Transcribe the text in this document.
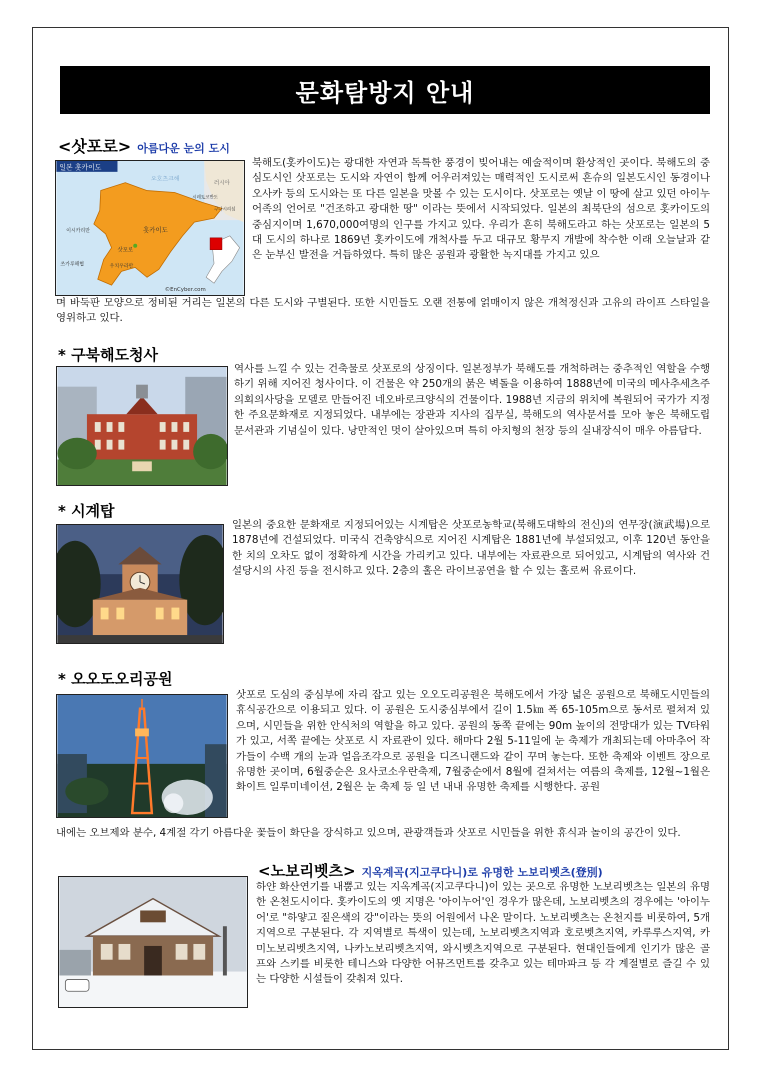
문화탐방지 안내
<삿포로> 아름다운 눈의 도시
일본 홋카이도
홋카이도
삿포로
오호츠크해
러시아
시레토코반도
쿠나시리섬
이시카리만
우치우라만
쓰가루해협
©EnCyber.com
북해도(홋카이도)는 광대한 자연과 독특한 풍경이 빚어내는 예술적이며 환상적인 곳이다. 북해도의 중심도시인 삿포로는 도시와 자연이 함께 어우러져있는 매력적인 도시로써 흔슈의 일본도시인 동경이나 오사카 등의 도시와는 또 다른 일본을 맛볼 수 있는 도시이다. 삿포로는 옛날 이 땅에 살고 있던 아이누어족의 언어로 "건조하고 광대한 땅" 이라는 뜻에서 시작되었다. 일본의 최북단의 섬으로 홋카이도의 중심지이며 1,670,000여명의 인구를 가지고 있다. 우리가 흔히 북해도라고 하는 삿포로는 일본의 5대 도시의 하나로 1869년 홋카이도에 개척사를 두고 대규모 황무지 개발에 착수한 이래 오늘날과 같은 눈부신 발전을 거듭하였다. 특히 많은 공원과 광활한 녹지대를 가지고 있으
며 바둑판 모양으로 정비된 거리는 일본의 다른 도시와 구별된다. 또한 시민들도 오랜 전통에 얽매이지 않은 개척정신과 고유의 라이프 스타일을 영위하고 있다.
* 구북해도청사
역사를 느낄 수 있는 건축물로 삿포로의 상징이다. 일본정부가 북해도를 개척하려는 중추적인 역할을 수행하기 위해 지어진 청사이다. 이 건물은 약 250개의 붉은 벽돌을 이용하여 1888년에 미국의 메사추세츠주 의회의사당을 모델로 만들어진 네오바로크양식의 건물이다. 1988년 지금의 위치에 복원되어 국가가 지정한 주요문화재로 지정되었다. 내부에는 장관과 지사의 집무실, 북해도의 역사문서를 모아 놓은 북해도립 문서관과 기념실이 있다. 낭만적인 멋이 살아있으며 특히 아치형의 천장 등의 실내장식이 매우 아름답다.
* 시계탑
일본의 중요한 문화재로 지정되어있는 시계탑은 삿포로농학교(북해도대학의 전신)의 연무장(演武場)으로 1878년에 건설되었다. 미국식 건축양식으로 지어진 시계탑은 1881년에 부설되었고, 이후 120년 동안을 한 치의 오차도 없이 정확하게 시간을 가리키고 있다. 내부에는 자료관으로 되어있고, 시계탑의 역사와 건설당시의 사진 등을 전시하고 있다. 2층의 홀은 라이브공연을 할 수 있는 홀로써 유료이다.
* 오오도오리공원
삿포로 도심의 중심부에 자리 잡고 있는 오오도리공원은 북해도에서 가장 넓은 공원으로 북해도시민들의 휴식공간으로 이용되고 있다. 이 공원은 도시중심부에서 길이 1.5㎞ 폭 65-105m으로 동서로 펼쳐져 있으며, 시민들을 위한 안식처의 역할을 하고 있다. 공원의 동쪽 끝에는 90m 높이의 전망대가 있는 TV타워가 있고, 서쪽 끝에는 삿포로 시 자료관이 있다. 해마다 2월 5-11일에 눈 축제가 개최되는데 아마추어 작가들이 수백 개의 눈과 얼음조각으로 공원을 디즈니랜드와 같이 꾸며 놓는다. 또한 축제와 이벤트 장으로 유명한 곳이며, 6월중순은 요사코소우란축제, 7월중순에서 8월에 걸쳐서는 여름의 축제를, 12월~1월은 화이트 일루미네이션, 2월은 눈 축제 등 일 년 내내 유명한 축제를 시행한다. 공원
내에는 오브제와 분수, 4계절 각기 아름다운 꽃들이 화단을 장식하고 있으며, 관광객들과 삿포로 시민들을 위한 휴식과 놀이의 공간이 있다.
<노보리벳츠> 지옥계곡(지고쿠다니)로 유명한 노보리벳츠(登別)
하얀 화산연기를 내뿜고 있는 지옥계곡(지고쿠다니)이 있는 곳으로 유명한 노보리벳츠는 일본의 유명한 온천도시이다. 홋카이도의 옛 지명은 '아이누어'인 경우가 많은데, 노보리벳츠의 경우에는 '아이누어'로 "하얗고 짙은색의 강"이라는 뜻의 어원에서 나온 말이다. 노보리벳츠는 온천지를 비롯하여, 5개 지역으로 구분된다. 각 지역별로 특색이 있는데, 노보리벳츠지역과 호로벳츠지역, 카루루스지역, 카미노보리벳츠지역, 나카노보리벳츠지역, 와시벳츠지역으로 구분된다. 현대인들에게 인기가 많은 골프와 스키를 비롯한 테니스와 다양한 어뮤즈먼트를 갖추고 있는 테마파크 등 각 계절별로 즐길 수 있는 다양한 시설들이 갖춰져 있다.
